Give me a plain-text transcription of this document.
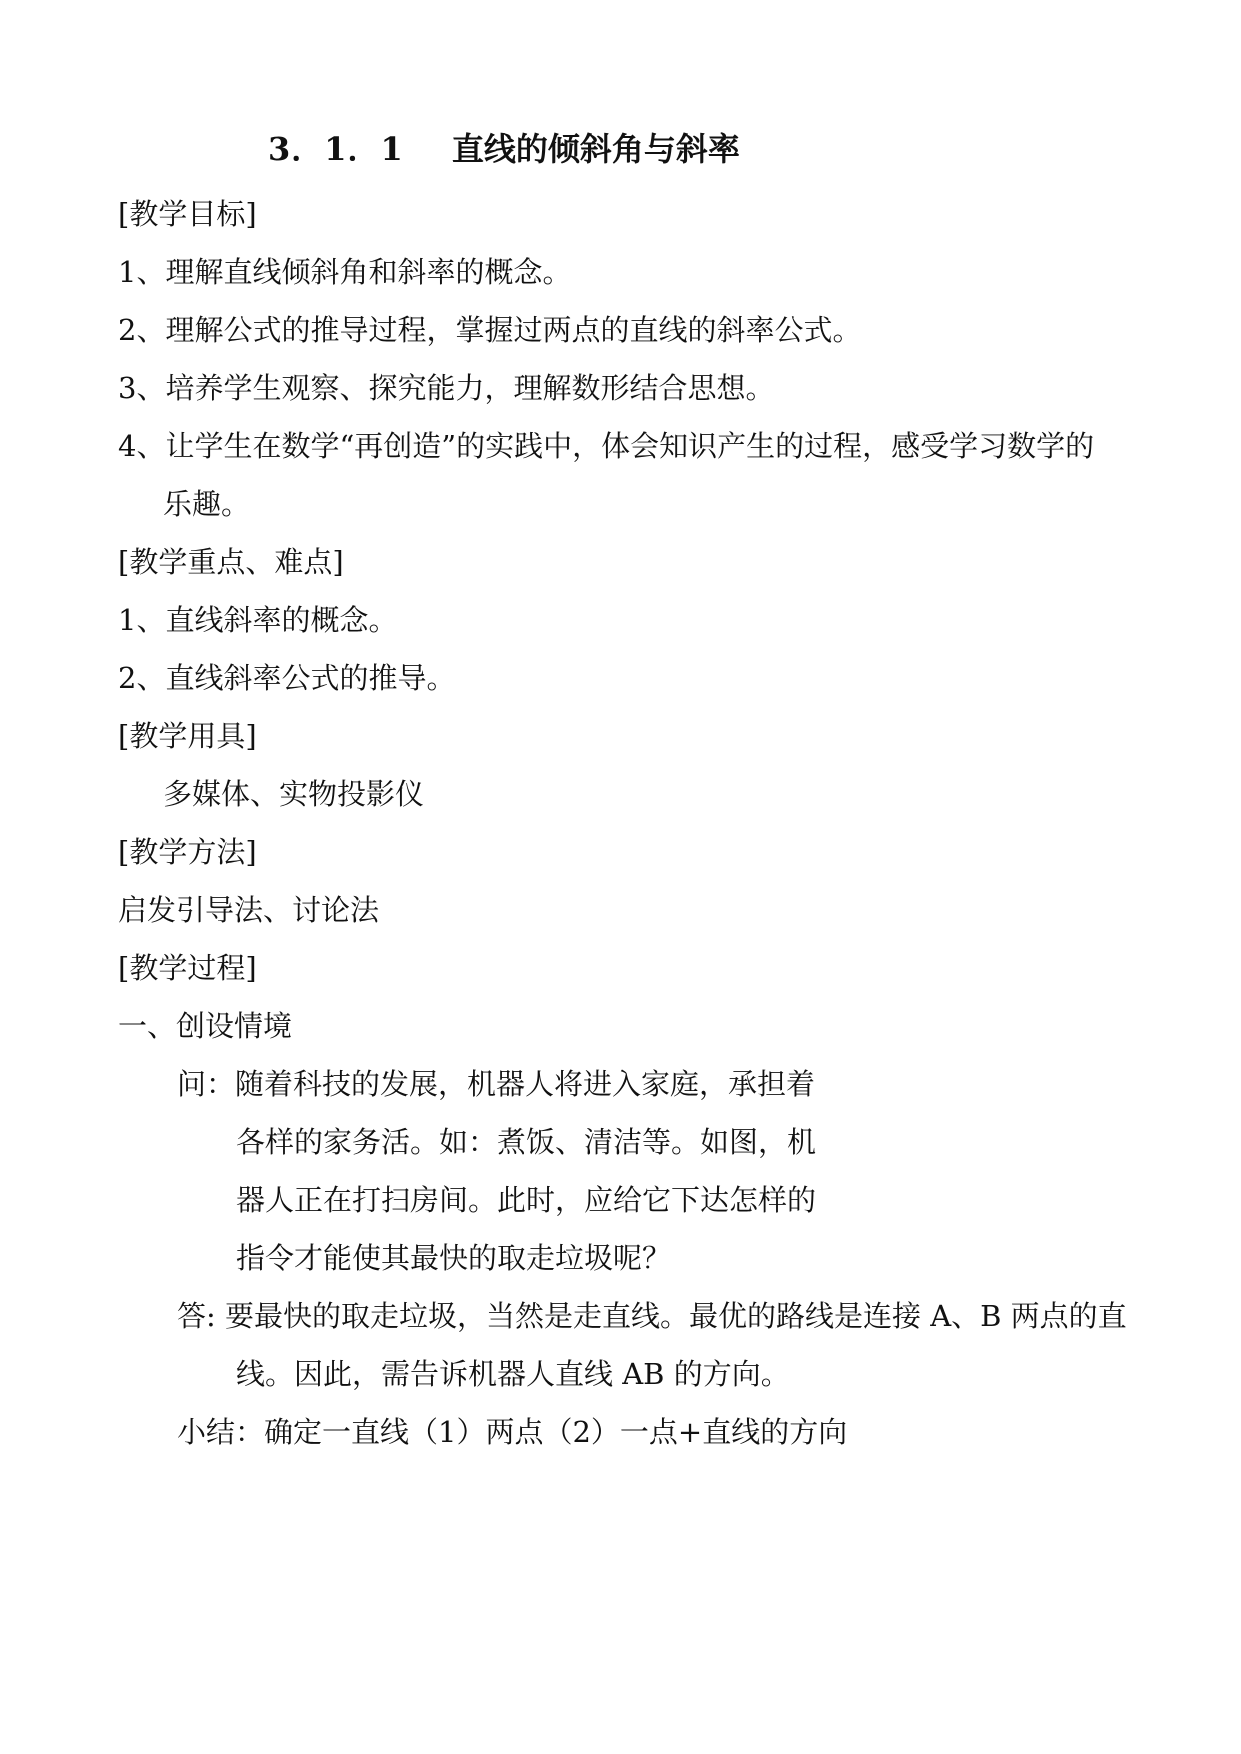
3．1．1 直线的倾斜角与斜率
[教学目标]
1、理解直线倾斜角和斜率的概念。
2、理解公式的推导过程，掌握过两点的直线的斜率公式。
3、培养学生观察、探究能力，理解数形结合思想。
4、让学生在数学“再创造”的实践中，体会知识产生的过程，感受学习数学的
乐趣。
[教学重点、难点]
1、直线斜率的概念。
2、直线斜率公式的推导。
[教学用具]
多媒体、实物投影仪
[教学方法]
启发引导法、讨论法
[教学过程]
一、创设情境
问：随着科技的发展，机器人将进入家庭，承担着
各样的家务活。如：煮饭、清洁等。如图，机
器人正在打扫房间。此时，应给它下达怎样的
指令才能使其最快的取走垃圾呢？
答: 要最快的取走垃圾，当然是走直线。最优的路线是连接 A、B 两点的直
线。因此，需告诉机器人直线 AB 的方向。
小结：确定一直线（1）两点（2）一点+直线的方向
